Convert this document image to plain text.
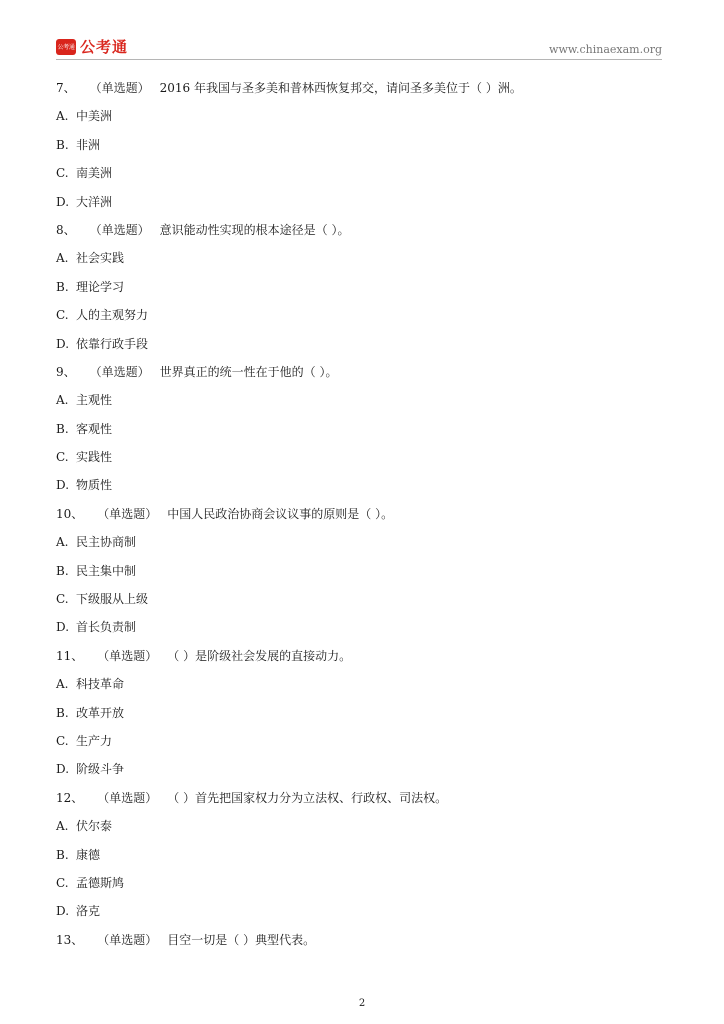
公考通 公考通	www.chinaexam.org
7、 （单选题） 2016 年我国与圣多美和普林西恢复邦交，请问圣多美位于（ ）洲。
A. 中美洲
B. 非洲
C. 南美洲
D. 大洋洲
8、 （单选题） 意识能动性实现的根本途径是（ ）。
A. 社会实践
B. 理论学习
C. 人的主观努力
D. 依靠行政手段
9、 （单选题） 世界真正的统一性在于他的（ ）。
A. 主观性
B. 客观性
C. 实践性
D. 物质性
10、 （单选题） 中国人民政治协商会议议事的原则是（ ）。
A. 民主协商制
B. 民主集中制
C. 下级服从上级
D. 首长负责制
11、 （单选题） （ ）是阶级社会发展的直接动力。
A. 科技革命
B. 改革开放
C. 生产力
D. 阶级斗争
12、 （单选题） （ ）首先把国家权力分为立法权、行政权、司法权。
A. 伏尔泰
B. 康德
C. 孟德斯鸠
D. 洛克
13、 （单选题） 目空一切是（ ）典型代表。
2
